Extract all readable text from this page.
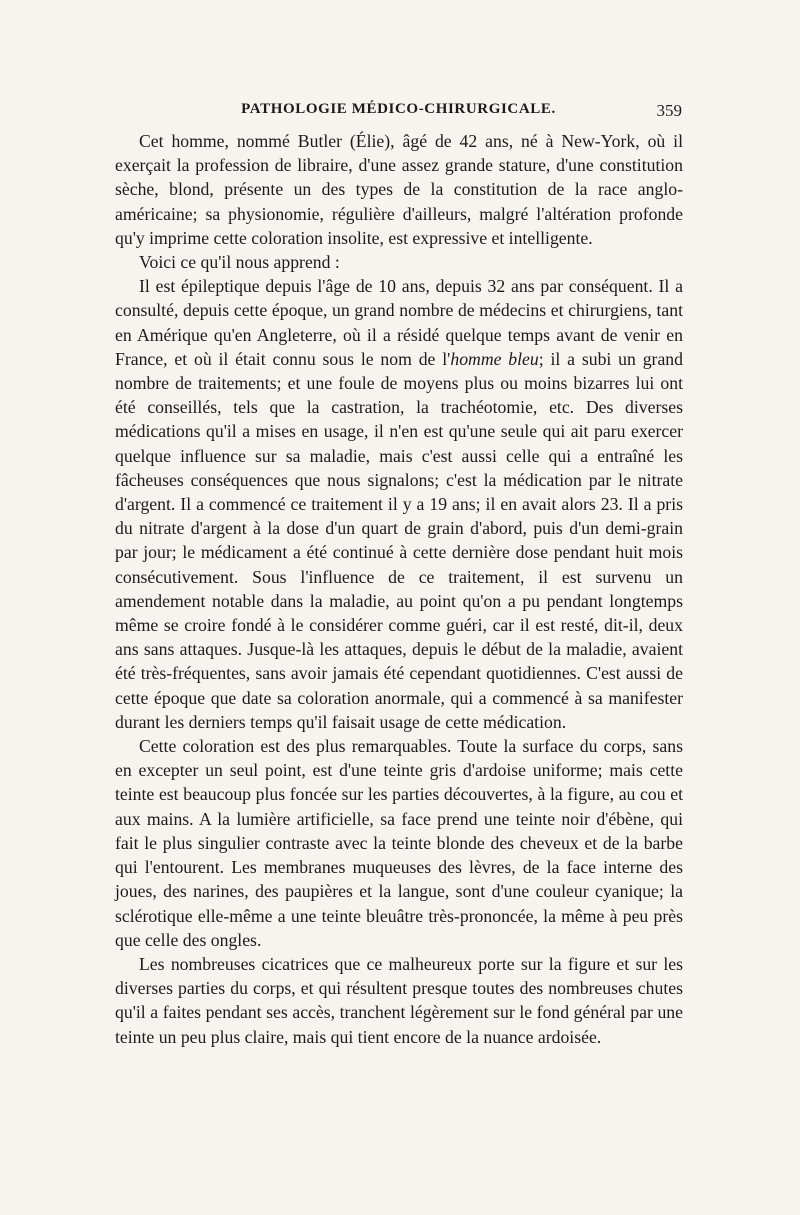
PATHOLOGIE MÉDICO-CHIRURGICALE.	359

Cet homme, nommé Butler (Élie), âgé de 42 ans, né à New-York, où il exerçait la profession de libraire, d'une assez grande stature, d'une constitution sèche, blond, présente un des types de la constitution de la race anglo-américaine; sa physionomie, régulière d'ailleurs, malgré l'altération profonde qu'y imprime cette coloration insolite, est expressive et intelligente.

Voici ce qu'il nous apprend :

Il est épileptique depuis l'âge de 10 ans, depuis 32 ans par conséquent. Il a consulté, depuis cette époque, un grand nombre de médecins et chirurgiens, tant en Amérique qu'en Angleterre, où il a résidé quelque temps avant de venir en France, et où il était connu sous le nom de l'homme bleu; il a subi un grand nombre de traitements; et une foule de moyens plus ou moins bizarres lui ont été conseillés, tels que la castration, la trachéotomie, etc. Des diverses médications qu'il a mises en usage, il n'en est qu'une seule qui ait paru exercer quelque influence sur sa maladie, mais c'est aussi celle qui a entraîné les fâcheuses conséquences que nous signalons; c'est la médication par le nitrate d'argent. Il a commencé ce traitement il y a 19 ans; il en avait alors 23. Il a pris du nitrate d'argent à la dose d'un quart de grain d'abord, puis d'un demi-grain par jour; le médicament a été continué à cette dernière dose pendant huit mois consécutivement. Sous l'influence de ce traitement, il est survenu un amendement notable dans la maladie, au point qu'on a pu pendant longtemps même se croire fondé à le considérer comme guéri, car il est resté, dit-il, deux ans sans attaques. Jusque-là les attaques, depuis le début de la maladie, avaient été très-fréquentes, sans avoir jamais été cependant quotidiennes. C'est aussi de cette époque que date sa coloration anormale, qui a commencé à sa manifester durant les derniers temps qu'il faisait usage de cette médication.

Cette coloration est des plus remarquables. Toute la surface du corps, sans en excepter un seul point, est d'une teinte gris d'ardoise uniforme; mais cette teinte est beaucoup plus foncée sur les parties découvertes, à la figure, au cou et aux mains. A la lumière artificielle, sa face prend une teinte noir d'ébène, qui fait le plus singulier contraste avec la teinte blonde des cheveux et de la barbe qui l'entourent. Les membranes muqueuses des lèvres, de la face interne des joues, des narines, des paupières et la langue, sont d'une couleur cyanique; la sclérotique elle-même a une teinte bleuâtre très-prononcée, la même à peu près que celle des ongles.

Les nombreuses cicatrices que ce malheureux porte sur la figure et sur les diverses parties du corps, et qui résultent presque toutes des nombreuses chutes qu'il a faites pendant ses accès, tranchent légèrement sur le fond général par une teinte un peu plus claire, mais qui tient encore de la nuance ardoisée.
